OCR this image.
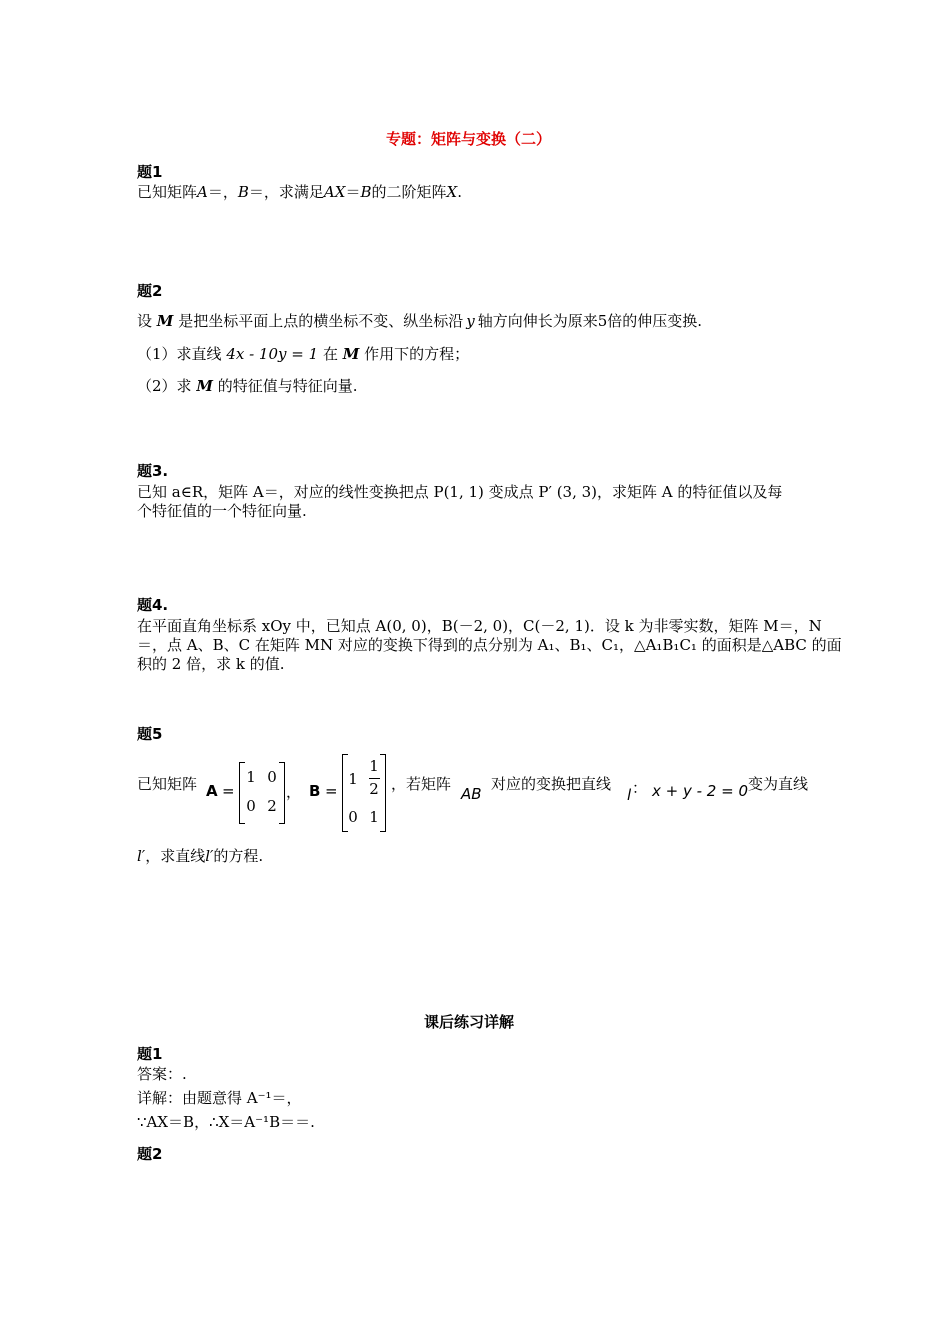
专题：矩阵与变换（二）
题1
已知矩阵A＝，B＝，求满足AX＝B的二阶矩阵X.
题2
设 M 是把坐标平面上点的横坐标不变、纵坐标沿 y 轴方向伸长为原来5倍的伸压变换.
（1）求直线 4x - 10y = 1 在 M 作用下的方程；
（2）求 M 的特征值与特征向量.
题3.
已知 a∈R，矩阵 A＝，对应的线性变换把点 P(1, 1) 变成点 P′ (3, 3)，求矩阵 A 的特征值以及每
个特征值的一个特征向量.
题4.
在平面直角坐标系 xOy 中，已知点 A(0, 0)，B(－2, 0)，C(－2, 1)．设 k 为非零实数，矩阵 M＝，N
＝，点 A、B、C 在矩阵 MN 对应的变换下得到的点分别为 A₁、B₁、C₁，△A₁B₁C₁ 的面积是△ABC 的面
积的 2 倍，求 k 的值.
题5
已知矩阵 A =
1 0
0 2
， B =
1
1
2
0 1
，若矩阵
AB
对应的变换把直线
l ： x + y - 2 = 0 变为直线
l′，求直线l′的方程.
课后练习详解
题1
答案：.
详解：由题意得 A⁻¹＝，
∵AX＝B，∴X＝A⁻¹B＝＝.
题2
